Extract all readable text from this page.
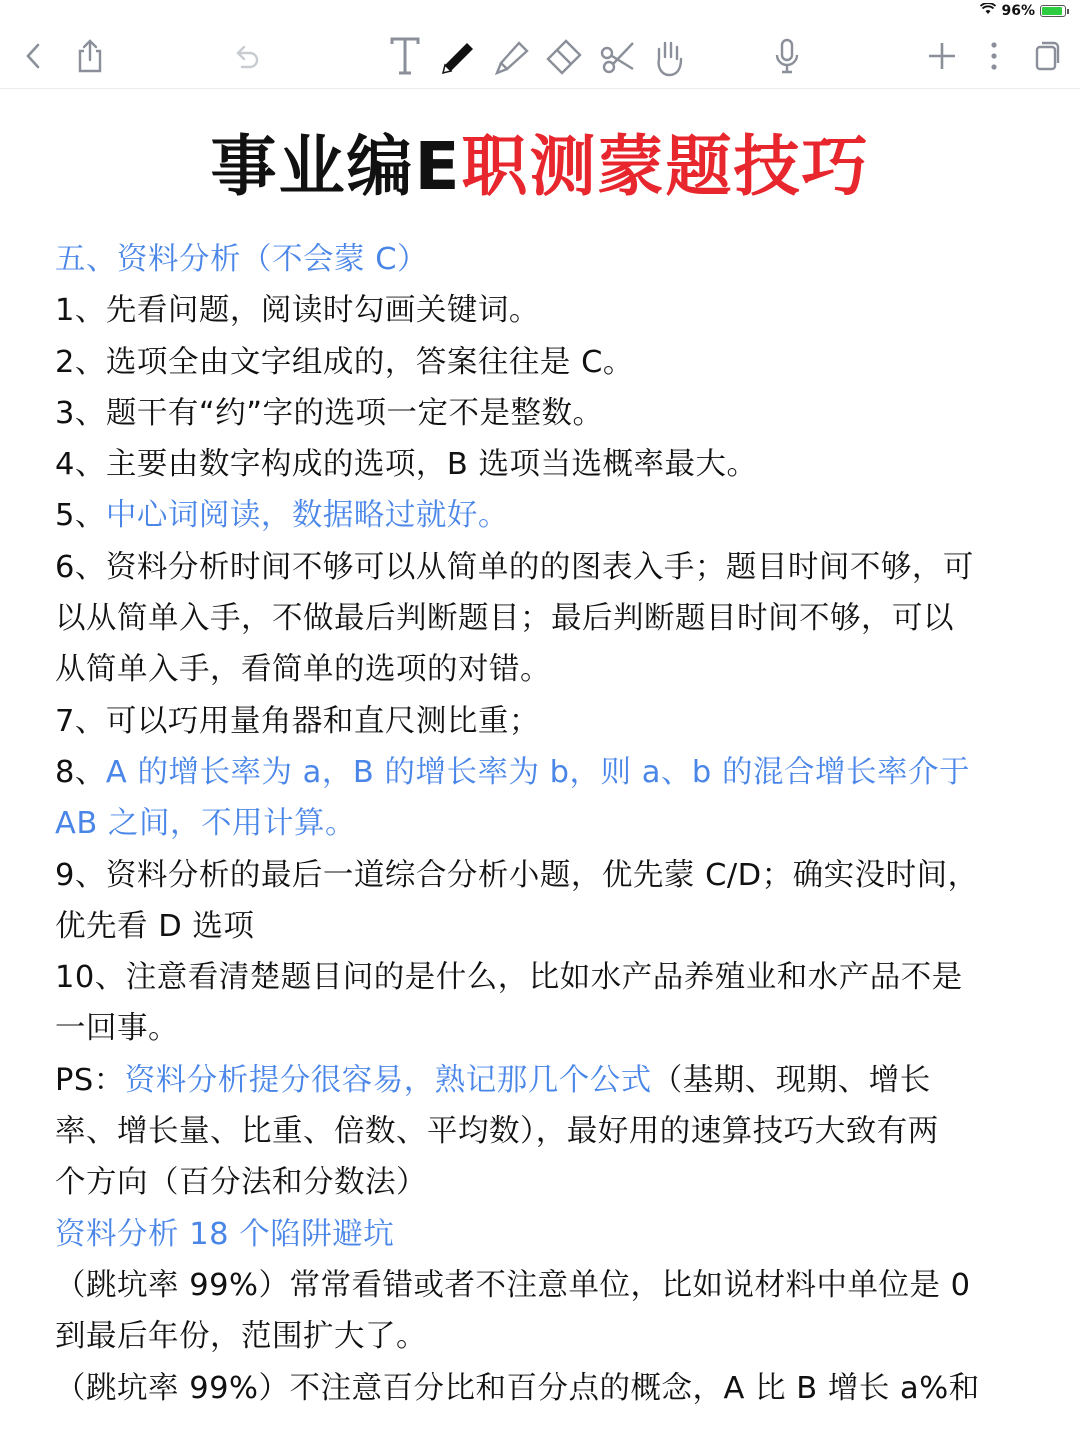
96%
事业编E职测蒙题技巧
五、资料分析（不会蒙 C）
1、先看问题，阅读时勾画关键词。
2、选项全由文字组成的，答案往往是 C。
3、题干有“约”字的选项一定不是整数。
4、主要由数字构成的选项，B 选项当选概率最大。
5、中心词阅读，数据略过就好。
6、资料分析时间不够可以从简单的的图表入手；题目时间不够，可
以从简单入手，不做最后判断题目；最后判断题目时间不够，可以
从简单入手，看简单的选项的对错。
7、可以巧用量角器和直尺测比重；
8、A 的增长率为 a，B 的增长率为 b，则 a、b 的混合增长率介于
AB 之间，不用计算。
9、资料分析的最后一道综合分析小题，优先蒙 C/D；确实没时间，
优先看 D 选项
10、注意看清楚题目问的是什么，比如水产品养殖业和水产品不是
一回事。
PS：资料分析提分很容易，熟记那几个公式（基期、现期、增长
率、增长量、比重、倍数、平均数），最好用的速算技巧大致有两
个方向（百分法和分数法）
资料分析 18 个陷阱避坑
（跳坑率 99%）常常看错或者不注意单位，比如说材料中单位是 0
到最后年份，范围扩大了。
（跳坑率 99%）不注意百分比和百分点的概念，A 比 B 增长 a%和
